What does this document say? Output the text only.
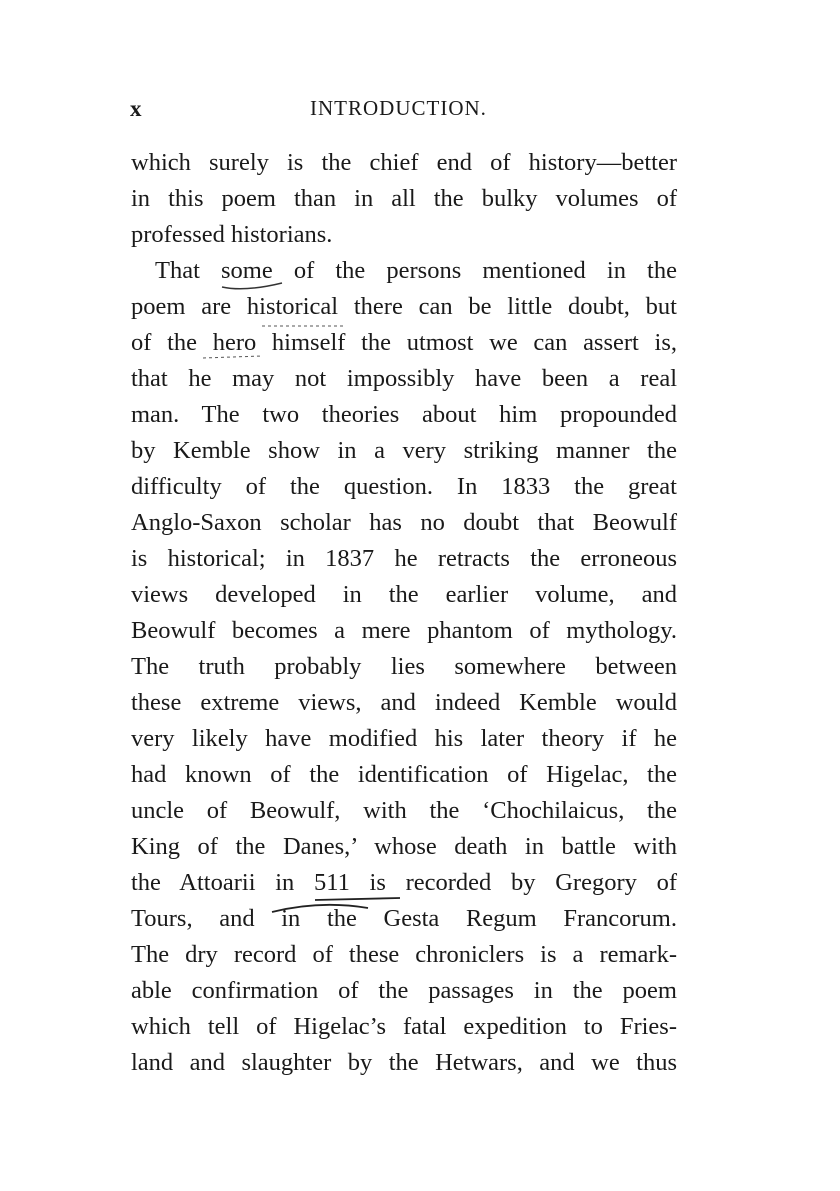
x	INTRODUCTION.
which surely is the chief end of history—better
in this poem than in all the bulky volumes of
professed historians.
That some of the persons mentioned in the
poem are historical there can be little doubt, but
of the hero himself the utmost we can assert is,
that he may not impossibly have been a real
man. The two theories about him propounded
by Kemble show in a very striking manner the
difficulty of the question. In 1833 the great
Anglo-Saxon scholar has no doubt that Beowulf
is historical; in 1837 he retracts the erroneous
views developed in the earlier volume, and
Beowulf becomes a mere phantom of mythology.
The truth probably lies somewhere between
these extreme views, and indeed Kemble would
very likely have modified his later theory if he
had known of the identification of Higelac, the
uncle of Beowulf, with the ‘Chochilaicus, the
King of the Danes,’ whose death in battle with
the Attoarii in 511 is recorded by Gregory of
Tours, and in the Gesta Regum Francorum.
The dry record of these chroniclers is a remark-
able confirmation of the passages in the poem
which tell of Higelac’s fatal expedition to Fries-
land and slaughter by the Hetwars, and we thus
